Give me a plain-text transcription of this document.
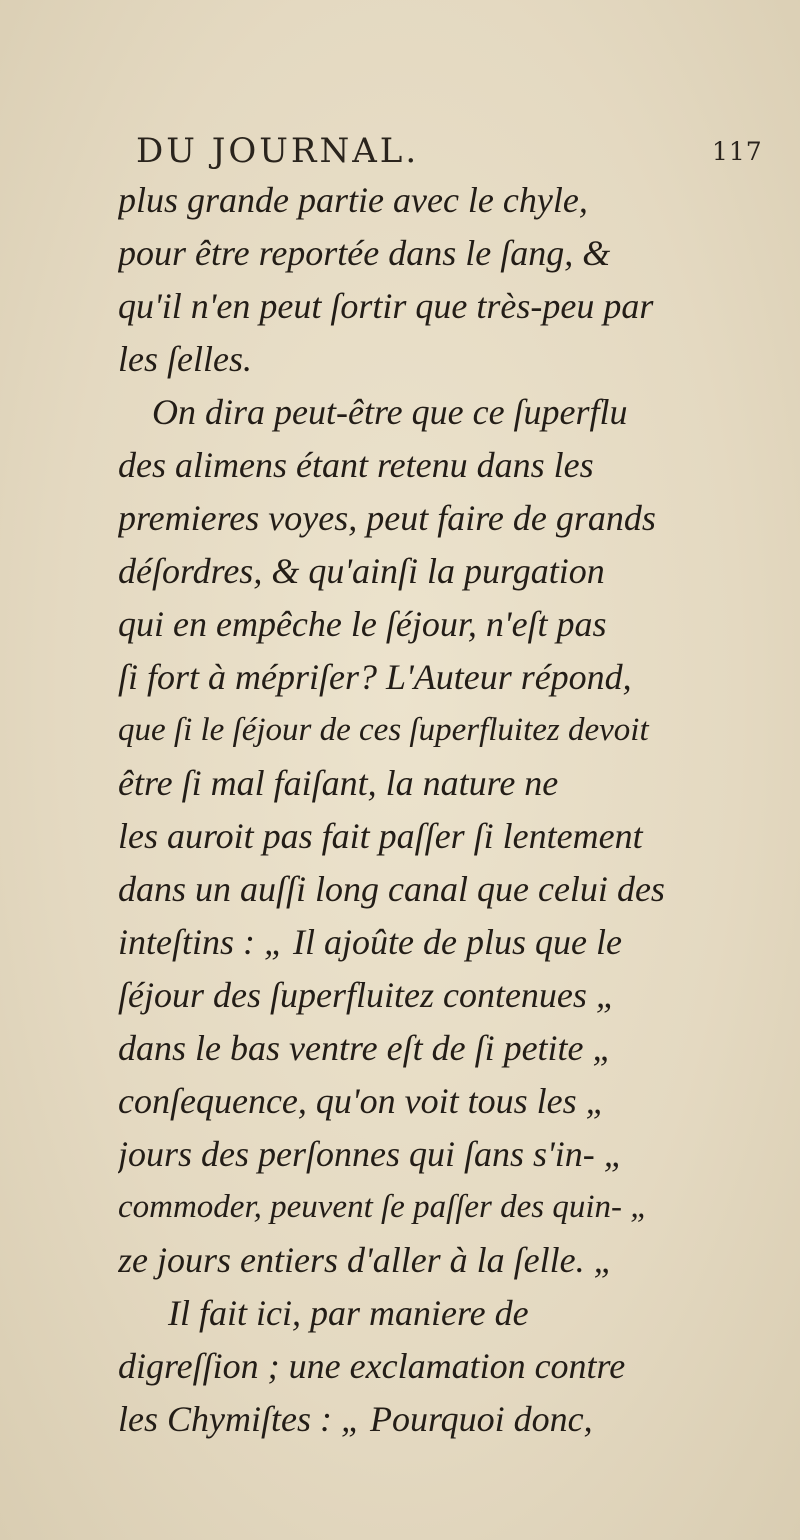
DU JOURNAL.	117
plus grande partie avec le chyle,
pour être reportée dans le ſang, &
qu'il n'en peut ſortir que très-peu par
les ſelles.
On dira peut-être que ce ſuperflu
des alimens étant retenu dans les
premieres voyes, peut faire de grands
déſordres, & qu'ainſi la purgation
qui en empêche le ſéjour, n'eſt pas
ſi fort à mépriſer? L'Auteur répond,
que ſi le ſéjour de ces ſuperfluitez devoit
être ſi mal faiſant, la nature ne
les auroit pas fait paſſer ſi lentement
dans un auſſi long canal que celui des
inteſtins : „ Il ajoûte de plus que le
ſéjour des ſuperfluitez contenues „
dans le bas ventre eſt de ſi petite „
conſequence, qu'on voit tous les „
jours des perſonnes qui ſans s'in- „
commoder, peuvent ſe paſſer des quin- „
ze jours entiers d'aller à la ſelle. „
Il fait ici, par maniere de
digreſſion ; une exclamation contre
les Chymiſtes : „ Pourquoi donc,
